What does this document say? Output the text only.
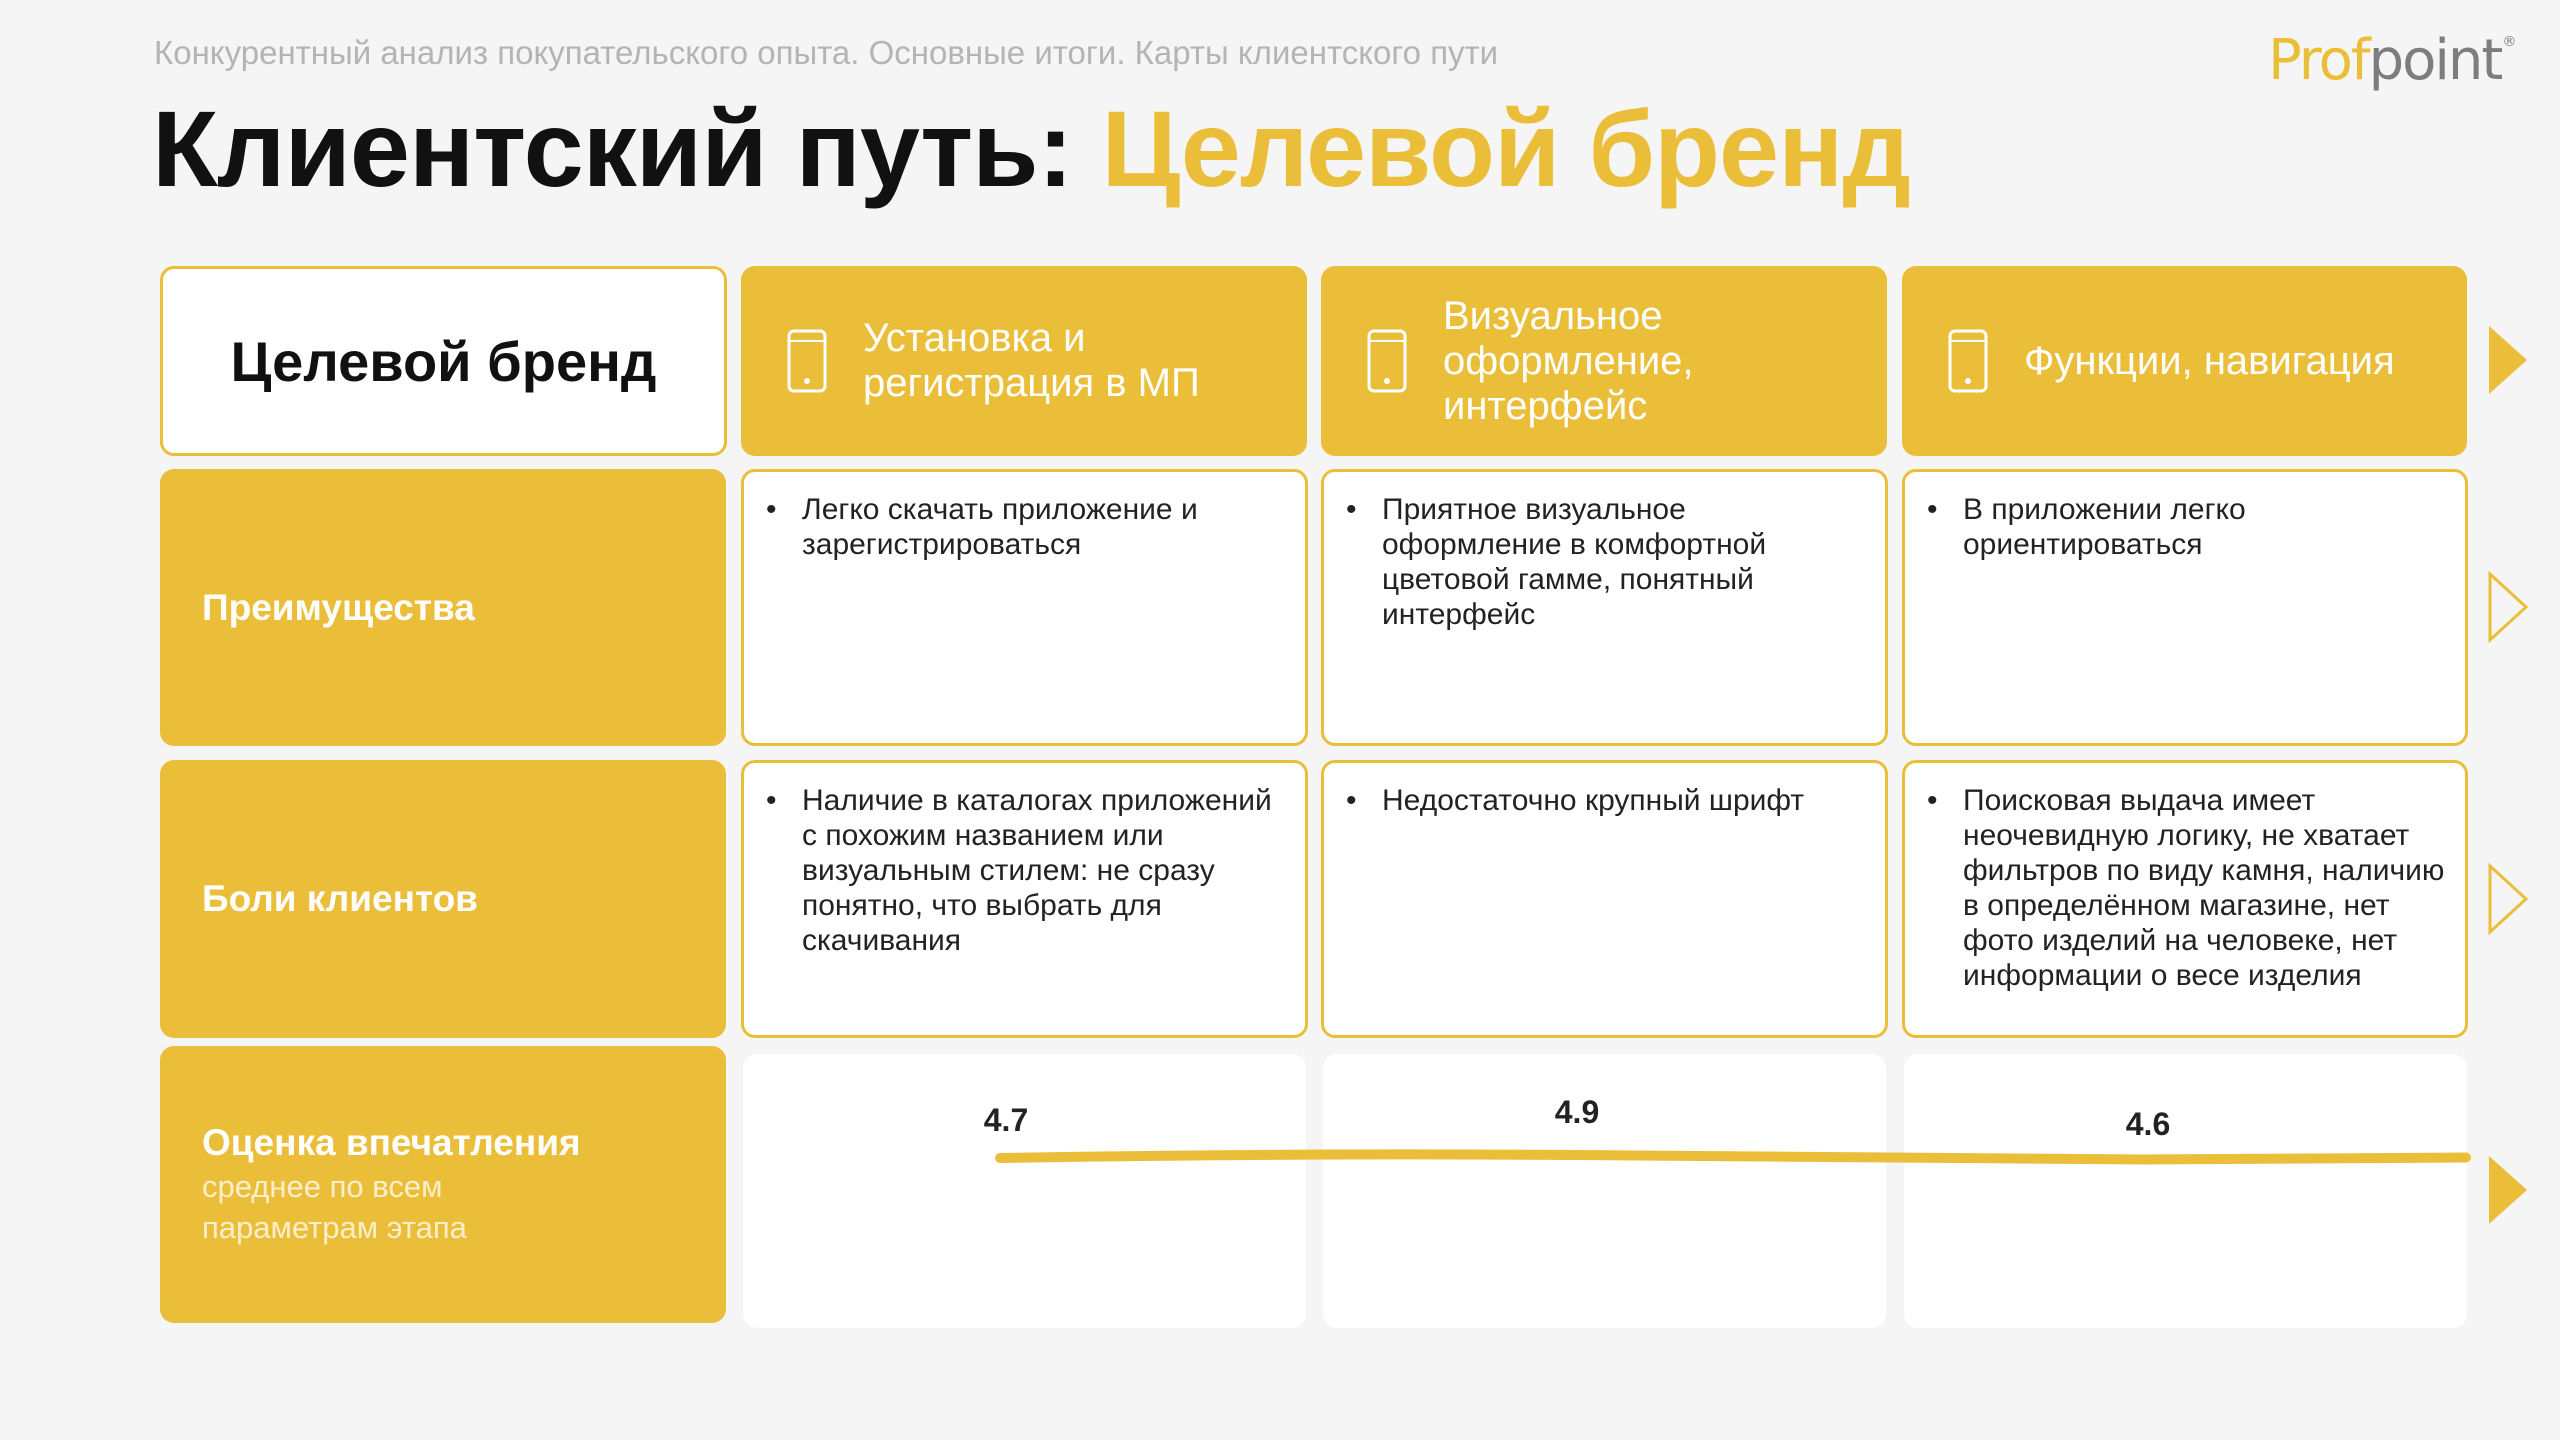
Конкурентный анализ покупательского опыта. Основные итоги. Карты клиентского пути	Profpoint®
Клиентский путь: Целевой бренд
Целевой бренд	Установка и регистрация в МП
Визуальное оформление, интерфейс
Функции, навигация
Преимущества
• Легко скачать приложение и зарегистрироваться
• Приятное визуальное оформление в комфортной цветовой гамме, понятный интерфейс
• В приложении легко ориентироваться
Боли клиентов
• Наличие в каталогах приложений с похожим названием или визуальным стилем: не сразу понятно, что выбрать для скачивания
• Недостаточно крупный шрифт
•	Поисковая выдача имеет неочевидную логику, не хватает фильтров по виду камня, наличию в определённом магазине, нет фото изделий на человеке, нет информации о весе изделия
Оценка впечатления
среднее по всем параметрам этапа
4.7	4.9	4.6
